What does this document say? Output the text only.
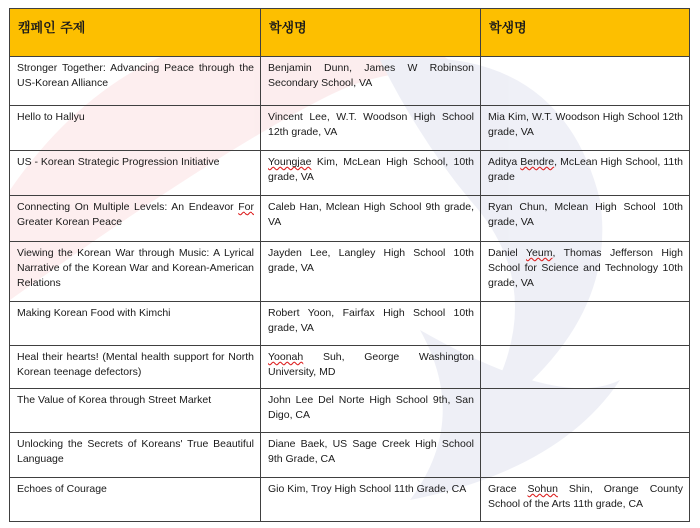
캠페인 주제	학생명	학생명
Stronger Together: Advancing Peace through the US-Korean Alliance	Benjamin Dunn, James W Robinson Secondary School, VA	
Hello to Hallyu	Vincent Lee, W.T. Woodson High School 12th grade, VA	Mia Kim, W.T. Woodson High School 12th grade, VA
US - Korean Strategic Progression Initiative	Youngjae Kim, McLean High School, 10th grade, VA	Aditya Bendre, McLean High School, 11th grade
Connecting On Multiple Levels: An Endeavor For Greater Korean Peace	Caleb Han, Mclean High School 9th grade, VA	Ryan Chun, Mclean High School 10th grade, VA
Viewing the Korean War through Music: A Lyrical Narrative of the Korean War and Korean-American Relations	Jayden Lee, Langley High School 10th grade, VA	Daniel Yeum, Thomas Jefferson High School for Science and Technology 10th grade, VA
Making Korean Food with Kimchi	Robert Yoon, Fairfax High School 10th grade, VA	
Heal their hearts! (Mental health support for North Korean teenage defectors)	Yoonah Suh, George Washington University, MD	
The Value of Korea through Street Market	John Lee Del Norte High School 9th, San Digo, CA	
Unlocking the Secrets of Koreans' True Beautiful Language	Diane Baek, US Sage Creek High School 9th Grade, CA	
Echoes of Courage	Gio Kim, Troy High School 11th Grade, CA	Grace Sohun Shin, Orange County School of the Arts 11th grade, CA
